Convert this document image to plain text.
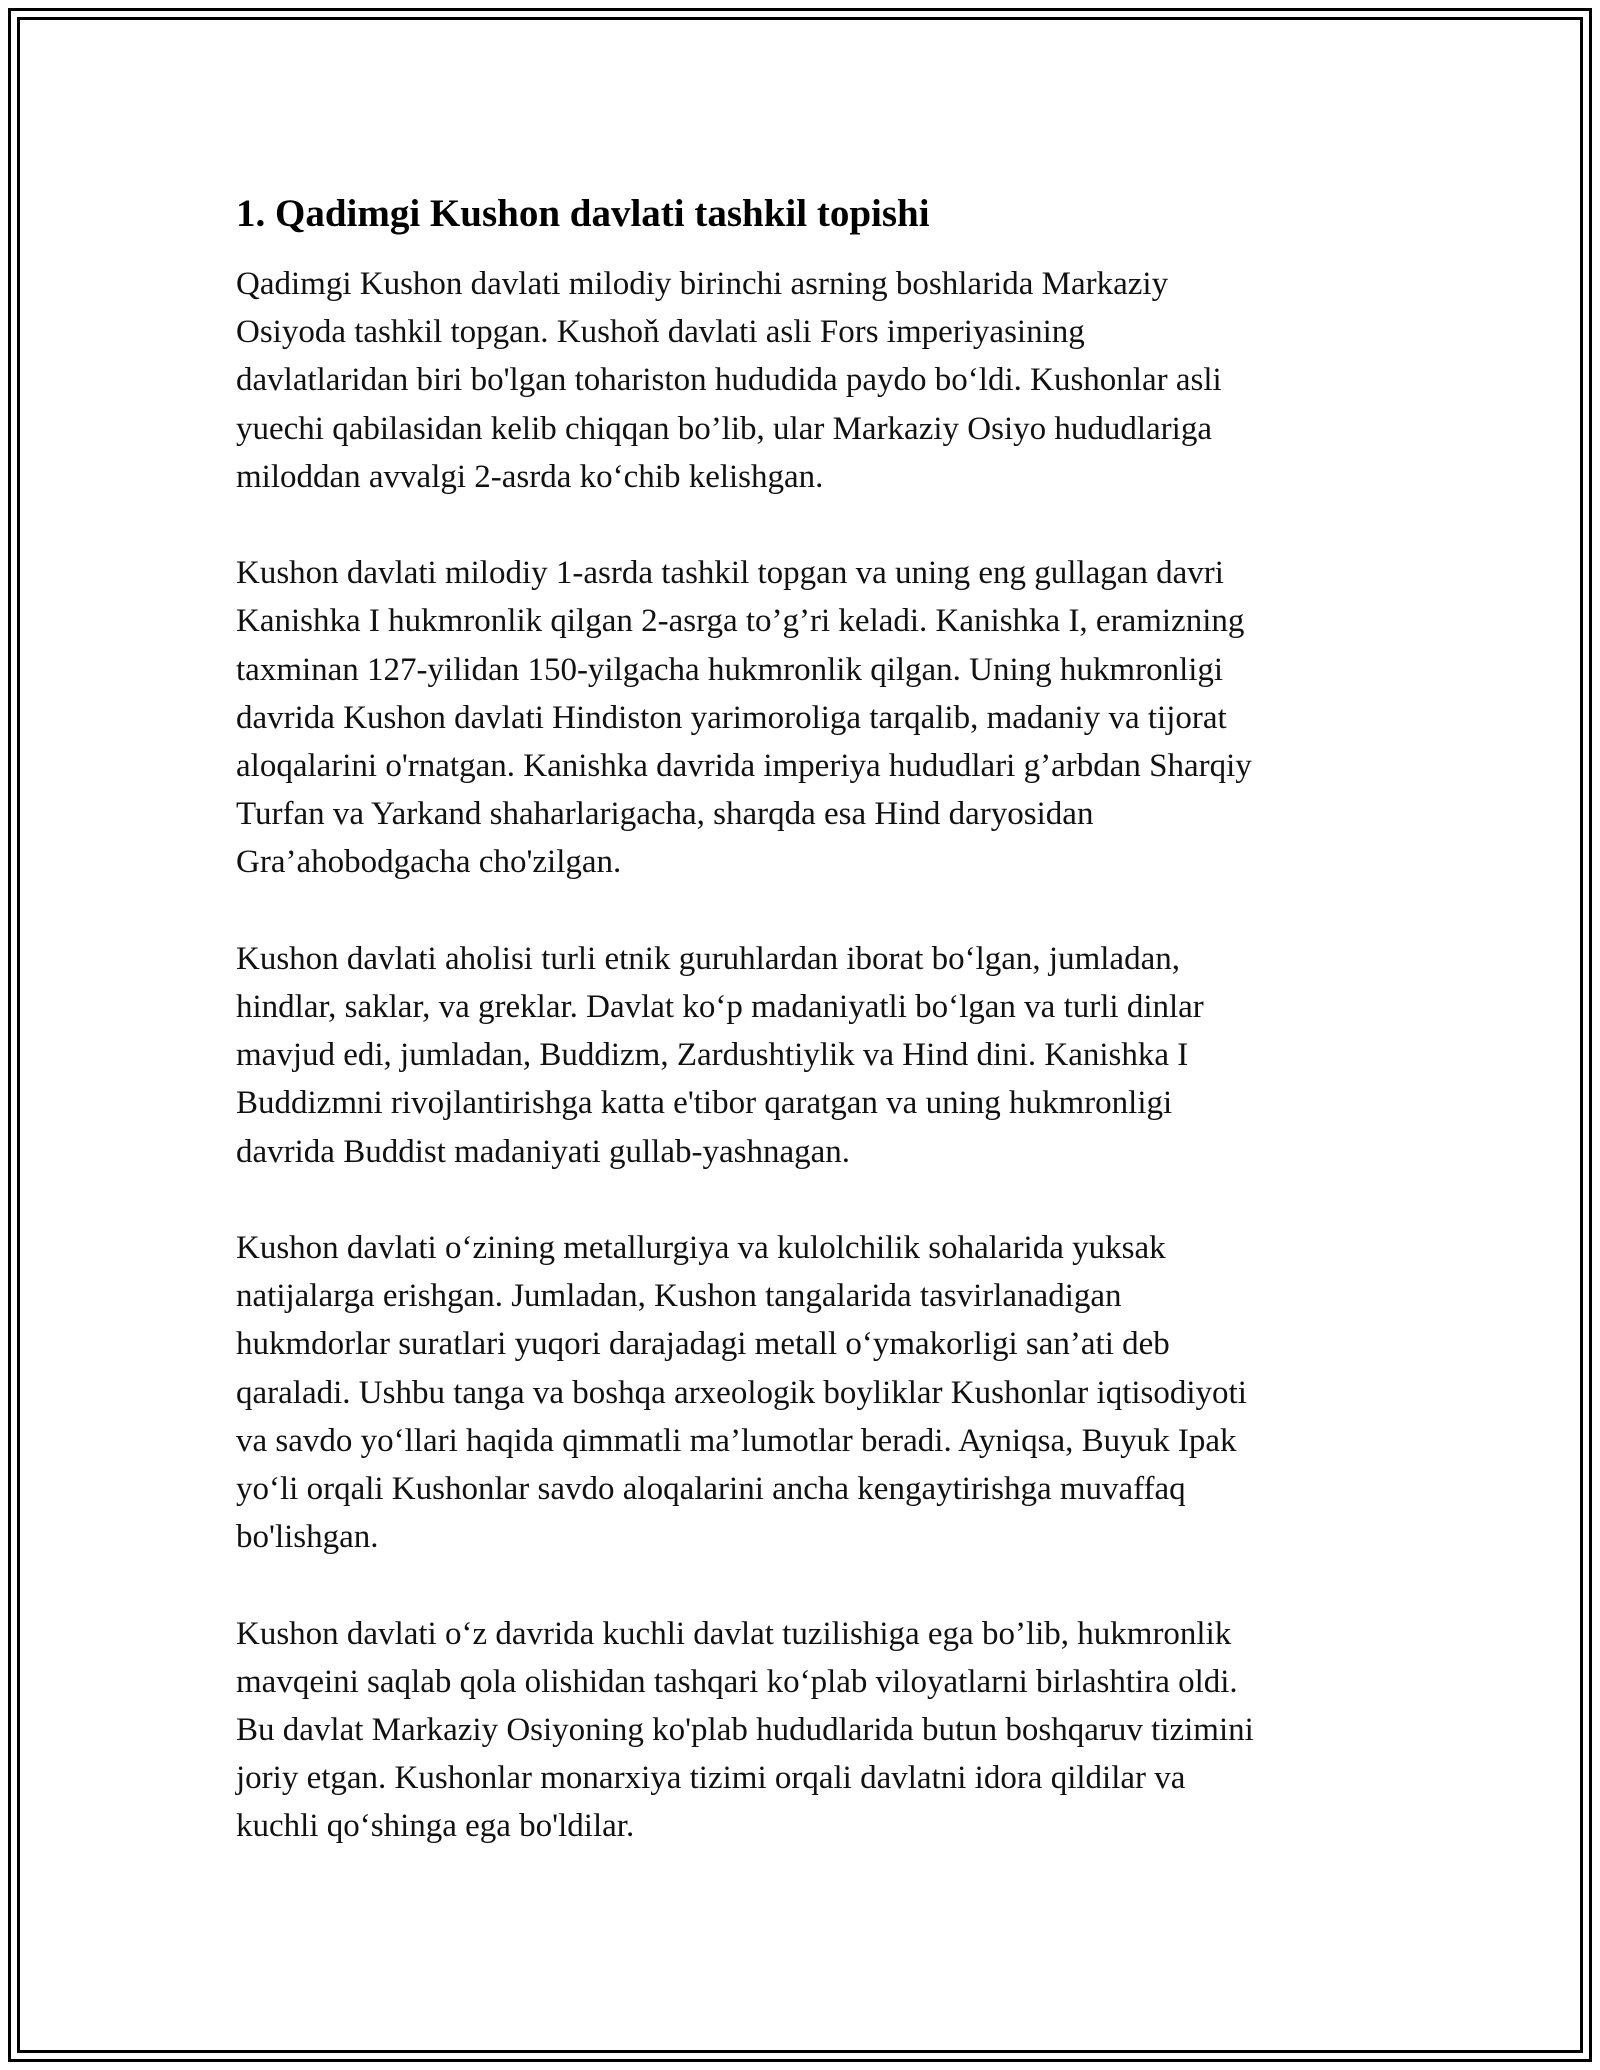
1. Qadimgi Kushon davlati tashkil topishi

Qadimgi Kushon davlati milodiy birinchi asrning boshlarida Markaziy
Osiyoda tashkil topgan. Kushoň davlati asli Fors imperiyasining
davlatlaridan biri bo'lgan tohariston hududida paydo bo‘ldi. Kushonlar asli
yuechi qabilasidan kelib chiqqan bo’lib, ular Markaziy Osiyo hududlariga
miloddan avvalgi 2-asrda ko‘chib kelishgan.

Kushon davlati milodiy 1-asrda tashkil topgan va uning eng gullagan davri
Kanishka I hukmronlik qilgan 2-asrga to’g’ri keladi. Kanishka I, eramizning
taxminan 127-yilidan 150-yilgacha hukmronlik qilgan. Uning hukmronligi
davrida Kushon davlati Hindiston yarimoroliga tarqalib, madaniy va tijorat
aloqalarini o'rnatgan. Kanishka davrida imperiya hududlari g’arbdan Sharqiy
Turfan va Yarkand shaharlarigacha, sharqda esa Hind daryosidan
Gra’ahobodgacha cho'zilgan.

Kushon davlati aholisi turli etnik guruhlardan iborat bo‘lgan, jumladan,
hindlar, saklar, va greklar. Davlat ko‘p madaniyatli bo‘lgan va turli dinlar
mavjud edi, jumladan, Buddizm, Zardushtiylik va Hind dini. Kanishka I
Buddizmni rivojlantirishga katta e'tibor qaratgan va uning hukmronligi
davrida Buddist madaniyati gullab-yashnagan.

Kushon davlati o‘zining metallurgiya va kulolchilik sohalarida yuksak
natijalarga erishgan. Jumladan, Kushon tangalarida tasvirlanadigan
hukmdorlar suratlari yuqori darajadagi metall o‘ymakorligi san’ati deb
qaraladi. Ushbu tanga va boshqa arxeologik boyliklar Kushonlar iqtisodiyoti
va savdo yo‘llari haqida qimmatli ma’lumotlar beradi. Ayniqsa, Buyuk Ipak
yo‘li orqali Kushonlar savdo aloqalarini ancha kengaytirishga muvaffaq
bo'lishgan.

Kushon davlati o‘z davrida kuchli davlat tuzilishiga ega bo’lib, hukmronlik
mavqeini saqlab qola olishidan tashqari ko‘plab viloyatlarni birlashtira oldi.
Bu davlat Markaziy Osiyoning ko'plab hududlarida butun boshqaruv tizimini
joriy etgan. Kushonlar monarxiya tizimi orqali davlatni idora qildilar va
kuchli qo‘shinga ega bo'ldilar.
